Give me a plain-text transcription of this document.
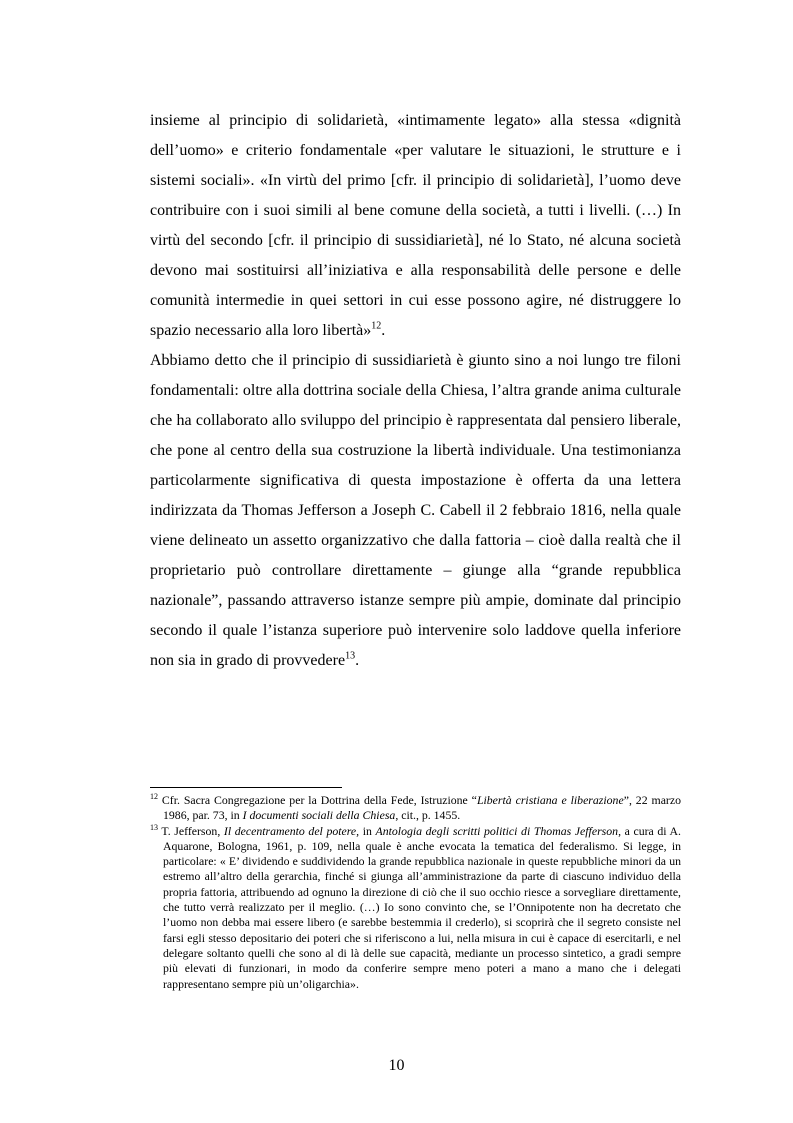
insieme al principio di solidarietà, «intimamente legato» alla stessa «dignità dell’uomo» e criterio fondamentale «per valutare le situazioni, le strutture e i sistemi sociali». «In virtù del primo [cfr. il principio di solidarietà], l’uomo deve contribuire con i suoi simili al bene comune della società, a tutti i livelli. (…) In virtù del secondo [cfr. il principio di sussidiarietà], né lo Stato, né alcuna società devono mai sostituirsi all’iniziativa e alla responsabilità delle persone e delle comunità intermedie in quei settori in cui esse possono agire, né distruggere lo spazio necessario alla loro libertà»$^{12}$.

Abbiamo detto che il principio di sussidiarietà è giunto sino a noi lungo tre filoni fondamentali: oltre alla dottrina sociale della Chiesa, l’altra grande anima culturale che ha collaborato allo sviluppo del principio è rappresentata dal pensiero liberale, che pone al centro della sua costruzione la libertà individuale. Una testimonianza particolarmente significativa di questa impostazione è offerta da una lettera indirizzata da Thomas Jefferson a Joseph C. Cabell il 2 febbraio 1816, nella quale viene delineato un assetto organizzativo che dalla fattoria – cioè dalla realtà che il proprietario può controllare direttamente – giunge alla “grande repubblica nazionale”, passando attraverso istanze sempre più ampie, dominate dal principio secondo il quale l’istanza superiore può intervenire solo laddove quella inferiore non sia in grado di provvedere$^{13}$.

$^{12}$ Cfr. Sacra Congregazione per la Dottrina della Fede, Istruzione “Libertà cristiana e liberazione”, 22 marzo 1986, par. 73, in I documenti sociali della Chiesa, cit., p. 1455.

$^{13}$ T. Jefferson, Il decentramento del potere, in Antologia degli scritti politici di Thomas Jefferson, a cura di A. Aquarone, Bologna, 1961, p. 109, nella quale è anche evocata la tematica del federalismo. Si legge, in particolare: « E’ dividendo e suddividendo la grande repubblica nazionale in queste repubbliche minori da un estremo all’altro della gerarchia, finché si giunga all’amministrazione da parte di ciascuno individuo della propria fattoria, attribuendo ad ognuno la direzione di ciò che il suo occhio riesce a sorvegliare direttamente, che tutto verrà realizzato per il meglio. (…) Io sono convinto che, se l’Onnipotente non ha decretato che l’uomo non debba mai essere libero (e sarebbe bestemmia il crederlo), si scoprirà che il segreto consiste nel farsi egli stesso depositario dei poteri che si riferiscono a lui, nella misura in cui è capace di esercitarli, e nel delegare soltanto quelli che sono al di là delle sue capacità, mediante un processo sintetico, a gradi sempre più elevati di funzionari, in modo da conferire sempre meno poteri a mano a mano che i delegati rappresentano sempre più un’oligarchia».

10
